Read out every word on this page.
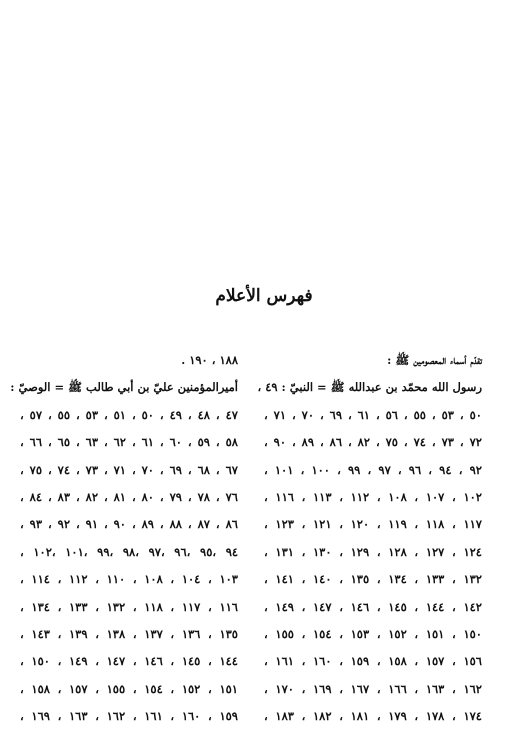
فهرس الأعلام
تقدّم أسماء المعصومين ﷺ :
رسول الله محمّد بن عبدالله ﷺ = النبيّ : ٤٩ ،
٥٠ ، ٥٣ ، ٥٥ ، ٥٦ ، ٦١ ، ٦٩ ، ٧٠ ، ٧١ ،
٧٢ ، ٧٣ ، ٧٤ ، ٧٥ ، ٨٢ ، ٨٦ ، ٨٩ ، ٩٠ ،
٩٢ ، ٩٤ ، ٩٦ ، ٩٧ ، ٩٩ ، ١٠٠ ، ١٠١ ،
١٠٢ ، ١٠٧ ، ١٠٨ ، ١١٢ ، ١١٣ ، ١١٦ ،
١١٧ ، ١١٨ ، ١١٩ ، ١٢٠ ، ١٢١ ، ١٢٣ ،
١٢٤ ، ١٢٧ ، ١٢٨ ، ١٢٩ ، ١٣٠ ، ١٣١ ،
١٣٢ ، ١٣٣ ، ١٣٤ ، ١٣٥ ، ١٤٠ ، ١٤١ ،
١٤٢ ، ١٤٤ ، ١٤٥ ، ١٤٦ ، ١٤٧ ، ١٤٩ ،
١٥٠ ، ١٥١ ، ١٥٢ ، ١٥٣ ، ١٥٤ ، ١٥٥ ،
١٥٦ ، ١٥٧ ، ١٥٨ ، ١٥٩ ، ١٦٠ ، ١٦١ ،
١٦٢ ، ١٦٣ ، ١٦٦ ، ١٦٧ ، ١٦٩ ، ١٧٠ ،
١٧٤ ، ١٧٨ ، ١٧٩ ، ١٨١ ، ١٨٢ ، ١٨٣ ،
١٨٨ ، ١٩٠ .
أميرالمؤمنين عليّ بن أبي طالب ﷺ = الوصيّ :
٤٧ ، ٤٨ ، ٤٩ ، ٥٠ ، ٥١ ، ٥٣ ، ٥٥ ، ٥٧ ،
٥٨ ، ٥٩ ، ٦٠ ، ٦١ ، ٦٢ ، ٦٣ ، ٦٥ ، ٦٦ ،
٦٧ ، ٦٨ ، ٦٩ ، ٧٠ ، ٧١ ، ٧٣ ، ٧٤ ، ٧٥ ،
٧٦ ، ٧٨ ، ٧٩ ، ٨٠ ، ٨١ ، ٨٢ ، ٨٣ ، ٨٤ ،
٨٦ ، ٨٧ ، ٨٨ ، ٨٩ ، ٩٠ ، ٩١ ، ٩٢ ، ٩٣ ،
٩٤ ،٩٥ ،٩٦ ،٩٧ ،٩٨ ،٩٩ ،١٠١ ،١٠٢ ،
١٠٣ ، ١٠٤ ، ١٠٨ ، ١١٠ ، ١١٢ ، ١١٤ ،
١١٦ ، ١١٧ ، ١١٨ ، ١٣٢ ، ١٣٣ ، ١٣٤ ،
١٣٥ ، ١٣٦ ، ١٣٧ ، ١٣٨ ، ١٣٩ ، ١٤٣ ،
١٤٤ ، ١٤٥ ، ١٤٦ ، ١٤٧ ، ١٤٩ ، ١٥٠ ،
١٥١ ، ١٥٢ ، ١٥٤ ، ١٥٥ ، ١٥٧ ، ١٥٨ ،
١٥٩ ، ١٦٠ ، ١٦١ ، ١٦٢ ، ١٦٣ ، ١٦٩ ،
